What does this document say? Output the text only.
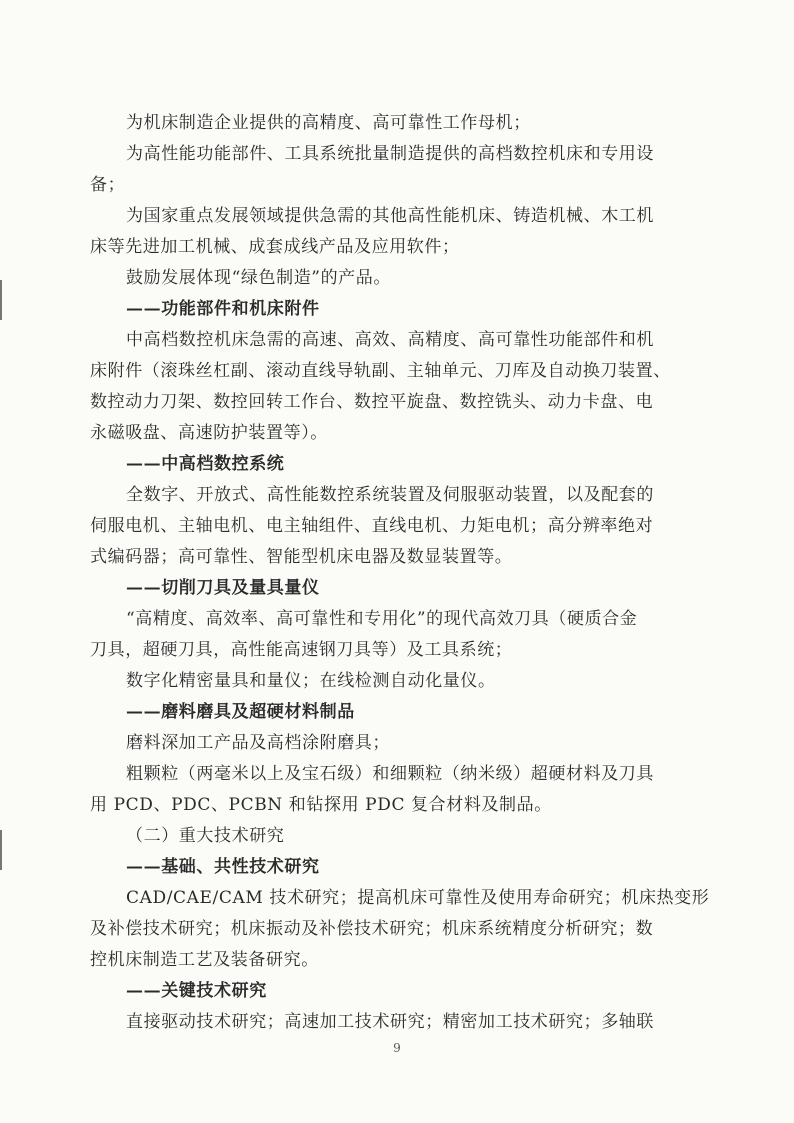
为机床制造企业提供的高精度、高可靠性工作母机；
为高性能功能部件、工具系统批量制造提供的高档数控机床和专用设
备；
为国家重点发展领域提供急需的其他高性能机床、铸造机械、木工机
床等先进加工机械、成套成线产品及应用软件；
鼓励发展体现“绿色制造”的产品。
——功能部件和机床附件
中高档数控机床急需的高速、高效、高精度、高可靠性功能部件和机
床附件（滚珠丝杠副、滚动直线导轨副、主轴单元、刀库及自动换刀装置、
数控动力刀架、数控回转工作台、数控平旋盘、数控铣头、动力卡盘、电
永磁吸盘、高速防护装置等）。
——中高档数控系统
全数字、开放式、高性能数控系统装置及伺服驱动装置，以及配套的
伺服电机、主轴电机、电主轴组件、直线电机、力矩电机；高分辨率绝对
式编码器；高可靠性、智能型机床电器及数显装置等。
——切削刀具及量具量仪
“高精度、高效率、高可靠性和专用化”的现代高效刀具（硬质合金
刀具，超硬刀具，高性能高速钢刀具等）及工具系统；
数字化精密量具和量仪；在线检测自动化量仪。
——磨料磨具及超硬材料制品
磨料深加工产品及高档涂附磨具；
粗颗粒（两毫米以上及宝石级）和细颗粒（纳米级）超硬材料及刀具
用 PCD、PDC、PCBN 和钻探用 PDC 复合材料及制品。
（二）重大技术研究
——基础、共性技术研究
CAD/CAE/CAM 技术研究；提高机床可靠性及使用寿命研究；机床热变形
及补偿技术研究；机床振动及补偿技术研究；机床系统精度分析研究；数
控机床制造工艺及装备研究。
——关键技术研究
直接驱动技术研究；高速加工技术研究；精密加工技术研究；多轴联
9
